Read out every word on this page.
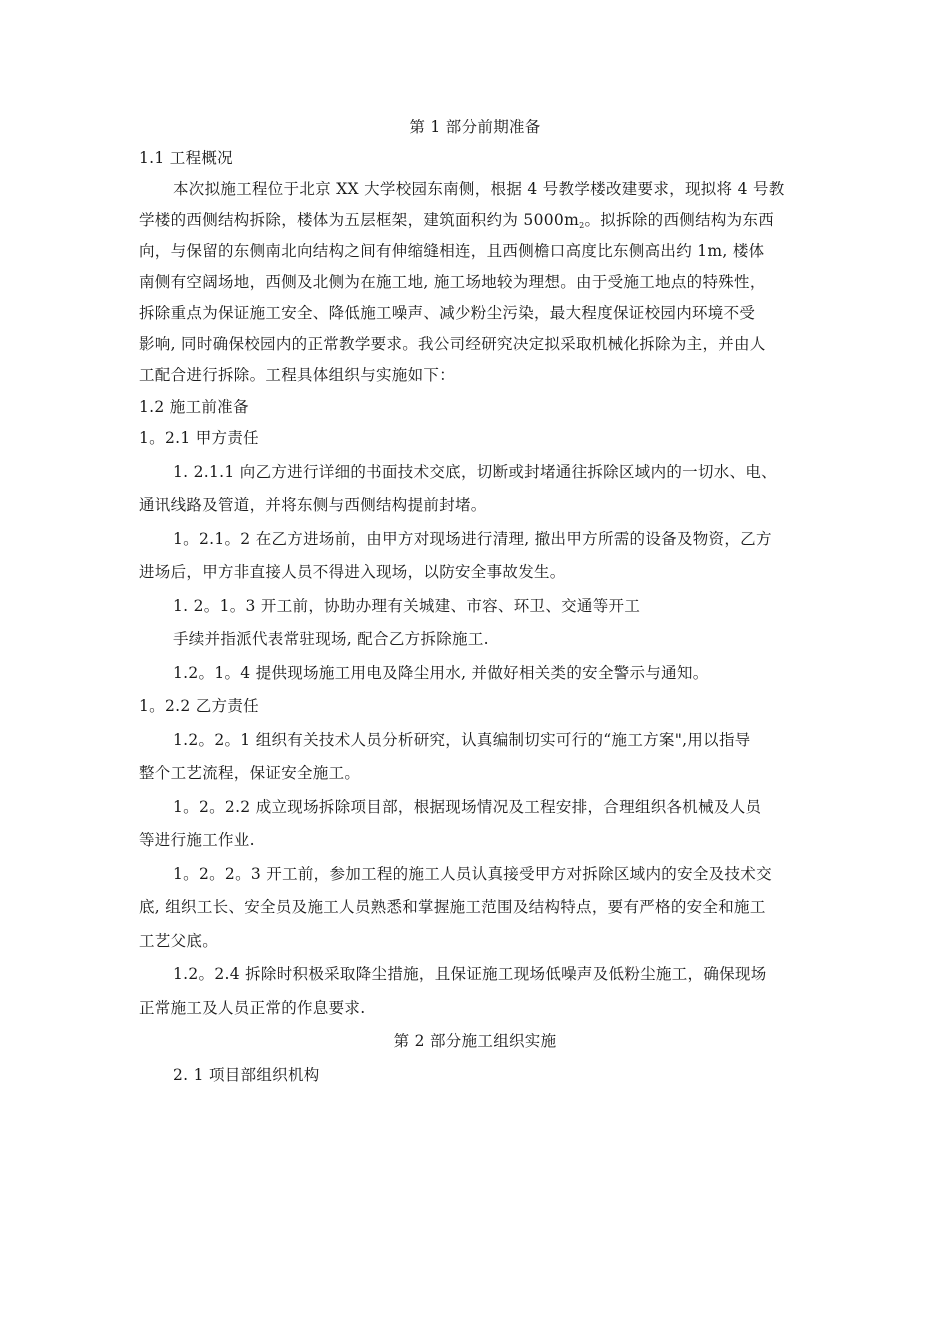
第 1 部分前期准备
1.1 工程概况
本次拟施工程位于北京 XX 大学校园东南侧，根据 4 号教学楼改建要求，现拟将 4 号教
学楼的西侧结构拆除，楼体为五层框架，建筑面积约为 5000m2。拟拆除的西侧结构为东西
向，与保留的东侧南北向结构之间有伸缩缝相连，且西侧檐口高度比东侧高出约 1m, 楼体
南侧有空阔场地，西侧及北侧为在施工地, 施工场地较为理想。由于受施工地点的特殊性，
拆除重点为保证施工安全、降低施工噪声、减少粉尘污染，最大程度保证校园内环境不受
影响, 同时确保校园内的正常教学要求。我公司经研究决定拟采取机械化拆除为主，并由人
工配合进行拆除。工程具体组织与实施如下：
1.2 施工前准备
1。2.1 甲方责任
1. 2.1.1 向乙方进行详细的书面技术交底，切断或封堵通往拆除区域内的一切水、电、
通讯线路及管道，并将东侧与西侧结构提前封堵。
1。2.1。2 在乙方进场前，由甲方对现场进行清理, 撤出甲方所需的设备及物资，乙方
进场后，甲方非直接人员不得进入现场，以防安全事故发生。
1. 2。1。3 开工前，协助办理有关城建、市容、环卫、交通等开工
手续并指派代表常驻现场, 配合乙方拆除施工.
1.2。1。4 提供现场施工用电及降尘用水, 并做好相关类的安全警示与通知。
1。2.2 乙方责任
1.2。2。1 组织有关技术人员分析研究，认真编制切实可行的“施工方案",用以指导
整个工艺流程，保证安全施工。
1。2。2.2 成立现场拆除项目部，根据现场情况及工程安排，合理组织各机械及人员
等进行施工作业.
1。2。2。3 开工前，参加工程的施工人员认真接受甲方对拆除区域内的安全及技术交
底, 组织工长、安全员及施工人员熟悉和掌握施工范围及结构特点，要有严格的安全和施工
工艺父底。
1.2。2.4 拆除时积极采取降尘措施，且保证施工现场低噪声及低粉尘施工，确保现场
正常施工及人员正常的作息要求.
第 2 部分施工组织实施
2. 1 项目部组织机构
